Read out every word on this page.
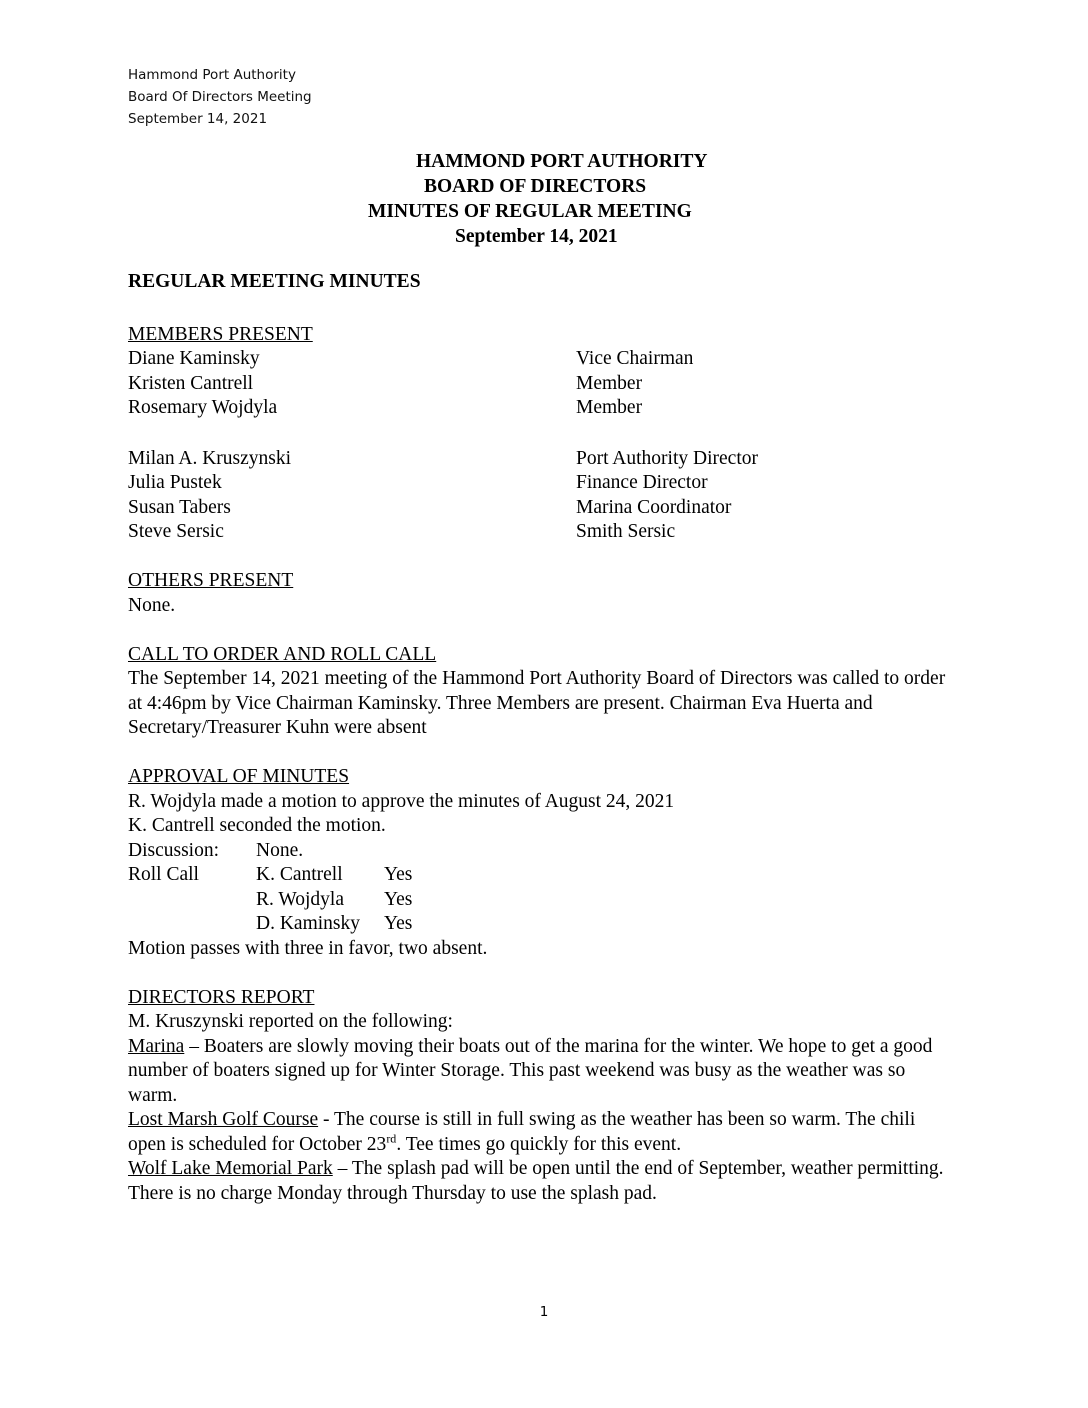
Hammond Port Authority
Board Of Directors Meeting
September 14, 2021
HAMMOND PORT AUTHORITY
BOARD OF DIRECTORS
MINUTES OF REGULAR MEETING
September 14, 2021
REGULAR MEETING MINUTES
MEMBERS PRESENT
Diane Kaminsky	Vice Chairman
Kristen Cantrell	Member
Rosemary Wojdyla	Member
Milan A. Kruszynski	Port Authority Director
Julia Pustek	Finance Director
Susan Tabers	Marina Coordinator
Steve Sersic	Smith Sersic
OTHERS PRESENT
None.
CALL TO ORDER AND ROLL CALL

The September 14, 2021 meeting of the Hammond Port Authority Board of Directors was called to order at 4:46pm by Vice Chairman Kaminsky. Three Members are present. Chairman Eva Huerta and Secretary/Treasurer Kuhn were absent

APPROVAL OF MINUTES
R. Wojdyla made a motion to approve the minutes of August 24, 2021
K. Cantrell seconded the motion.
Discussion:	None.
Roll Call	K. Cantrell	Yes
R. Wojdyla	Yes
D. Kaminsky	Yes
Motion passes with three in favor, two absent.
DIRECTORS REPORT
M. Kruszynski reported on the following:

Marina – Boaters are slowly moving their boats out of the marina for the winter. We hope to get a good number of boaters signed up for Winter Storage. This past weekend was busy as the weather was so warm.

Lost Marsh Golf Course - The course is still in full swing as the weather has been so warm. The chili open is scheduled for October 23rd. Tee times go quickly for this event.

Wolf Lake Memorial Park – The splash pad will be open until the end of September, weather permitting. There is no charge Monday through Thursday to use the splash pad.

1
